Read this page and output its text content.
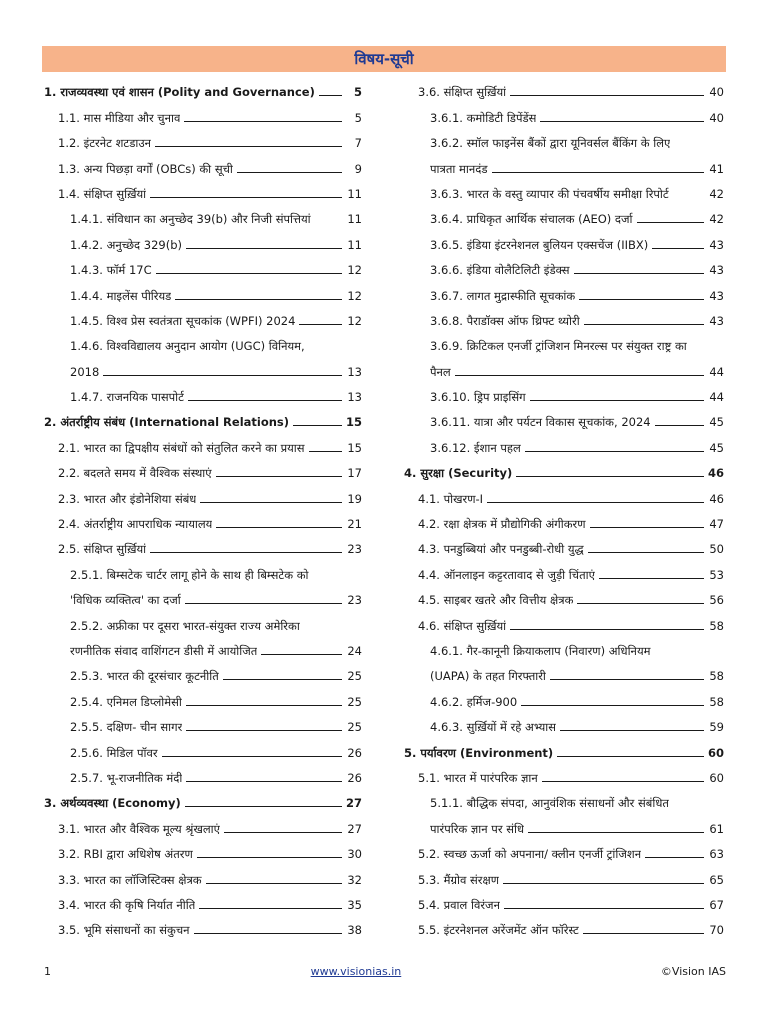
विषय-सूची
1. राजव्यवस्था एवं शासन (Polity and Governance)	5
1.1. मास मीडिया और चुनाव	5
1.2. इंटरनेट शटडाउन	7
1.3. अन्य पिछड़ा वर्गों (OBCs) की सूची	9
1.4. संक्षिप्त सुर्ख़ियां	11
1.4.1. संविधान का अनुच्छेद 39(b) और निजी संपत्तियां	11
1.4.2. अनुच्छेद 329(b)	11
1.4.3. फॉर्म 17C	12
1.4.4. माइलेंस पीरियड	12
1.4.5. विश्व प्रेस स्वतंत्रता सूचकांक (WPFI) 2024	12
1.4.6. विश्वविद्यालय अनुदान आयोग (UGC) विनियम,
2018	13
1.4.7. राजनयिक पासपोर्ट	13
2. अंतर्राष्ट्रीय संबंध (International Relations)	15
2.1. भारत का द्विपक्षीय संबंधों को संतुलित करने का प्रयास	15
2.2. बदलते समय में वैश्विक संस्थाएं	17
2.3. भारत और इंडोनेशिया संबंध	19
2.4. अंतर्राष्ट्रीय आपराधिक न्यायालय	21
2.5. संक्षिप्त सुर्ख़ियां	23
2.5.1. बिम्सटेक चार्टर लागू होने के साथ ही बिम्सटेक को
'विधिक व्यक्तित्व' का दर्जा	23
2.5.2. अफ्रीका पर दूसरा भारत-संयुक्त राज्य अमेरिका
रणनीतिक संवाद वाशिंगटन डीसी में आयोजित	24
2.5.3. भारत की दूरसंचार कूटनीति	25
2.5.4. एनिमल डिप्लोमेसी	25
2.5.5. दक्षिण- चीन सागर	25
2.5.6. मिडिल पॉवर	26
2.5.7. भू-राजनीतिक मंदी	26
3. अर्थव्यवस्था (Economy)	27
3.1. भारत और वैश्विक मूल्य श्रृंखलाएं	27
3.2. RBI द्वारा अधिशेष अंतरण	30
3.3. भारत का लॉजिस्टिक्स क्षेत्रक	32
3.4. भारत की कृषि निर्यात नीति	35
3.5. भूमि संसाधनों का संकुचन	38
3.6. संक्षिप्त सुर्ख़ियां	40
3.6.1. कमोडिटी डिपेंडेंस	40
3.6.2. स्मॉल फाइनेंस बैंकों द्वारा यूनिवर्सल बैंकिंग के लिए
पात्रता मानदंड	41
3.6.3. भारत के वस्तु व्यापार की पंचवर्षीय समीक्षा रिपोर्ट	42
3.6.4. प्राधिकृत आर्थिक संचालक (AEO) दर्जा	42
3.6.5. इंडिया इंटरनेशनल बुलियन एक्सचेंज (IIBX)	43
3.6.6. इंडिया वोलैटिलिटी इंडेक्स	43
3.6.7. लागत मुद्रास्फीति सूचकांक	43
3.6.8. पैराडॉक्स ऑफ थ्रिफ्ट थ्योरी	43
3.6.9. क्रिटिकल एनर्जी ट्रांजिशन मिनरल्स पर संयुक्त राष्ट्र का
पैनल	44
3.6.10. ड्रिप प्राइसिंग	44
3.6.11. यात्रा और पर्यटन विकास सूचकांक, 2024	45
3.6.12. ईशान पहल	45
4. सुरक्षा (Security)	46
4.1. पोखरण-I	46
4.2. रक्षा क्षेत्रक में प्रौद्योगिकी अंगीकरण	47
4.3. पनडुब्बियां और पनडुब्बी-रोधी युद्ध	50
4.4. ऑनलाइन कट्टरतावाद से जुड़ी चिंताएं	53
4.5. साइबर खतरे और वित्तीय क्षेत्रक	56
4.6. संक्षिप्त सुर्ख़ियां	58
4.6.1. गैर-कानूनी क्रियाकलाप (निवारण) अधिनियम
(UAPA) के तहत गिरफ्तारी	58
4.6.2. हर्मिज-900	58
4.6.3. सुर्ख़ियों में रहे अभ्यास	59
5. पर्यावरण (Environment)	60
5.1. भारत में पारंपरिक ज्ञान	60
5.1.1. बौद्धिक संपदा, आनुवंशिक संसाधनों और संबंधित
पारंपरिक ज्ञान पर संधि	61
5.2. स्वच्छ ऊर्जा को अपनाना/ क्लीन एनर्जी ट्रांजिशन	63
5.3. मैंग्रोव संरक्षण	65
5.4. प्रवाल विरंजन	67
5.5. इंटरनेशनल अरेंजमेंट ऑन फॉरेस्ट	70
1	www.visionias.in	©Vision IAS
